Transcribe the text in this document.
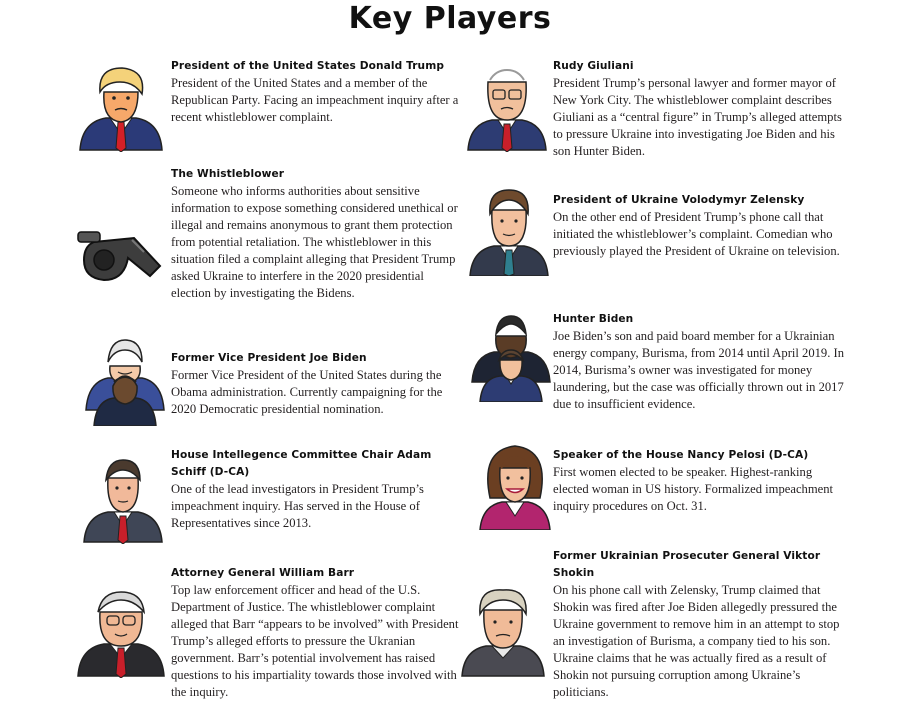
Key Players
President of the United States Donald Trump
President of the United States and a member of the Republican Party. Facing an impeachment inquiry after a recent whistleblower complaint.
The Whistleblower
Someone who informs authorities about sensitive information to expose something considered unethical or illegal and remains anonymous to grant them protection from potential retaliation. The whistleblower in this situation filed a complaint alleging that President Trump asked Ukraine to interfere in the 2020 presidential election by investigating the Bidens.
Former Vice President Joe Biden
Former Vice President of the United States during the Obama administration. Currently campaigning for the 2020 Democratic presidential nomination.
House Intellegence Committee Chair Adam Schiff (D-CA)
One of the lead investigators in President Trump’s impeachment inquiry. Has served in the House of Representatives since 2013.
Attorney General William Barr
Top law enforcement officer and head of the U.S. Department of Justice. The whistleblower complaint alleged that Barr “appears to be involved” with President Trump’s alleged efforts to pressure the Ukranian government. Barr’s potential involvement has raised questions to his impartiality towards those involved with the inquiry.
Rudy Giuliani
President Trump’s personal lawyer and former mayor of New York City. The whistleblower complaint describes Giuliani as a “central figure” in Trump’s alleged attempts to pressure Ukraine into investigating Joe Biden and his son Hunter Biden.
President of Ukraine Volodymyr Zelensky
On the other end of President Trump’s phone call that initiated the whistleblower’s complaint. Comedian who previously played the President of Ukraine on television.
Hunter Biden
Joe Biden’s son and paid board member for a Ukrainian energy company, Burisma, from 2014 until April 2019. In 2014, Burisma’s owner was investigated for money laundering, but the case was officially thrown out in 2017 due to insufficient evidence.
Speaker of the House Nancy Pelosi (D-CA)
First women elected to be speaker. Highest-ranking elected woman in US history. Formalized impeachment inquiry procedures on Oct. 31.
Former Ukrainian Prosecuter General Viktor Shokin
On his phone call with Zelensky, Trump claimed that Shokin was fired after Joe Biden allegedly pressured the Ukraine government to remove him in an attempt to stop an investigation of Burisma, a company tied to his son. Ukraine claims that he was actually fired as a result of Shokin not pursuing corruption among Ukraine’s politicians.
